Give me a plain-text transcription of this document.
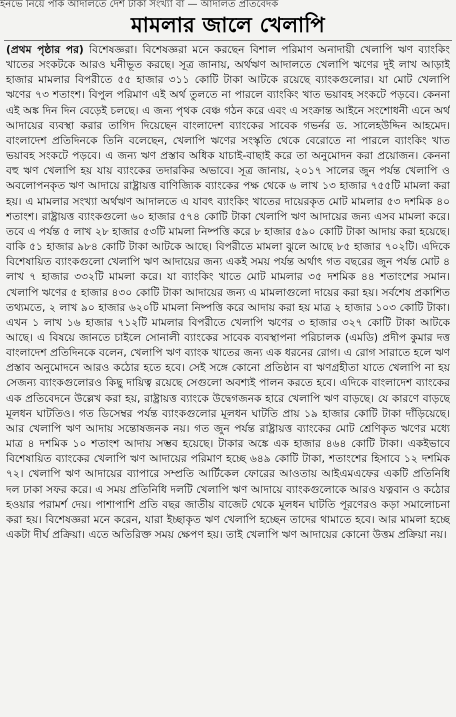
ইনভে নিয়ে পাক আদালতে দেশ টাকা সংখ্যা বা — আদালত প্রতিবেদক
মামলার জালে খেলাপি
(প্রথম পৃষ্ঠার পর) বিশেষজ্ঞরা। বিশেষজ্ঞরা মনে করছেন বিশাল পরিমাণ অনাদায়ী খেলাপি ঋণ ব্যাংকিং খাতের সংকটকে আরও ঘনীভূত করছে। সূত্র জানায়, অর্থঋণ আদালতে খেলাপি ঋণের দুই লাখ আড়াই হাজার মামলার বিপরীতে ৫৫ হাজার ৩১১ কোটি টাকা আটকে রয়েছে ব্যাংকগুলোর। যা মোট খেলাপি ঋণের ৭৩ শতাংশ। বিপুল পরিমাণ এই অর্থ তুলতে না পারলে ব্যাংকিং খাত ভয়াবহ সংকটে পড়বে। কেননা এই অঙ্ক দিন দিন বেড়েই চলছে। এ জন্য পৃথক বেঞ্চ গঠন করে এবং এ সংক্রান্ত আইনে সংশোধনী এনে অর্থ আদায়ের ব্যবস্থা করার তাগিদ দিয়েছেন বাংলাদেশ ব্যাংকের সাবেক গভর্নর ড. সালেহউদ্দিন আহমেদ। বাংলাদেশ প্রতিদিনকে তিনি বলেছেন, খেলাপি ঋণের সংস্কৃতি থেকে বেরোতে না পারলে ব্যাংকিং খাত ভয়াবহ সংকটে পড়বে। এ জন্য ঋণ প্রস্তাব অধিক যাচাই-বাছাই করে তা অনুমোদন করা প্রয়োজন। কেননা বহু ঋণ খেলাপি হয় যায় ব্যাংকের তদারকির অভাবে। সূত্র জানায়, ২০১৭ সালের জুন পর্যন্ত খেলাপি ও অবলোপনকৃত ঋণ আদায়ে রাষ্ট্রায়ত্ত বাণিজ্যিক ব্যাংকের পক্ষ থেকে ৬ লাখ ১৩ হাজার ৭৫৫টি মামলা করা হয়। এ মামলার সংখ্যা অর্থঋণ আদালতে এ যাবৎ ব্যাংকিং খাতের দায়েরকৃত মোট মামলার ৫৩ দশমিক ৪০ শতাংশ। রাষ্ট্রায়ত্ত ব্যাংকগুলো ৬০ হাজার ৫৭৪ কোটি টাকা খেলাপি ঋণ আদায়ের জন্য এসব মামলা করে। তবে এ পর্যন্ত ৫ লাখ ২৮ হাজার ৫৩টি মামলা নিষ্পত্তি করে ৮ হাজার ৫৯০ কোটি টাকা আদায় করা হয়েছে। বাকি ৫১ হাজার ৯৮৪ কোটি টাকা আটকে আছে। বিপরীতে মামলা ঝুলে আছে ৮৫ হাজার ৭০২টি। এদিকে বিশেষায়িত ব্যাংকগুলো খেলাপি ঋণ আদায়ের জন্য একই সময় পর্যন্ত অর্থাৎ গত বছরের জুন পর্যন্ত মোট ৪ লাখ ৭ হাজার ৩৩২টি মামলা করে। যা ব্যাংকিং খাতে মোট মামলার ৩৫ দশমিক ৪৪ শতাংশের সমান। খেলাপি ঋণের ৫ হাজার ৪৩০ কোটি টাকা আদায়ের জন্য এ মামলাগুলো দায়ের করা হয়। সর্বশেষ প্রকাশিত তথ্যমতে, ২ লাখ ৯০ হাজার ৬২০টি মামলা নিষ্পত্তি করে আদায় করা হয় মাত্র ২ হাজার ১০৩ কোটি টাকা। এখন ১ লাখ ১৬ হাজার ৭১২টি মামলার বিপরীতে খেলাপি ঋণের ৩ হাজার ৩২৭ কোটি টাকা আটকে আছে। এ বিষয়ে জানতে চাইলে সোনালী ব্যাংকের সাবেক ব্যবস্থাপনা পরিচালক (এমডি) প্রদীপ কুমার দত্ত বাংলাদেশ প্রতিদিনকে বলেন, খেলাপি ঋণ ব্যাংক খাতের জন্য এক ধরনের রোগ। এ রোগ সারাতে হলে ঋণ প্রস্তাব অনুমোদনে আরও কঠোর হতে হবে। সেই সঙ্গে কোনো প্রতিষ্ঠান বা ঋণগ্রহীতা যাতে খেলাপি না হয় সেজন্য ব্যাংকগুলোরও কিছু দায়িত্ব রয়েছে সেগুলো অবশ্যই পালন করতে হবে। এদিকে বাংলাদেশ ব্যাংকের এক প্রতিবেদনে উল্লেখ করা হয়, রাষ্ট্রায়ত্ত ব্যাংকে উদ্বেগজনক হারে খেলাপি ঋণ বাড়ছে। যে কারণে বাড়ছে মূলধন ঘাটতিও। গত ডিসেম্বর পর্যন্ত ব্যাংকগুলোর মূলধন ঘাটতি প্রায় ১৯ হাজার কোটি টাকা দাঁড়িয়েছে। আর খেলাপি ঋণ আদায় সন্তোষজনক নয়। গত জুন পর্যন্ত রাষ্ট্রায়ত্ত ব্যাংকের মোট শ্রেণিকৃত ঋণের মধ্যে মাত্র ৪ দশমিক ১০ শতাংশ আদায় সম্ভব হয়েছে। টাকার অঙ্কে এক হাজার ৪৬৪ কোটি টাকা। একইভাবে বিশেষায়িত ব্যাংকের খেলাপি ঋণ আদায়ের পরিমাণ হচ্ছে ৬৪৯ কোটি টাকা, শতাংশের হিসাবে ১২ দশমিক ৭২। খেলাপি ঋণ আদায়ের ব্যাপারে সম্প্রতি আর্টিকেল ফোরের আওতায় আইএমএফের একটি প্রতিনিধি দল ঢাকা সফর করে। এ সময় প্রতিনিধি দলটি খেলাপি ঋণ আদায়ে ব্যাংকগুলোকে আরও যত্নবান ও কঠোর হওয়ার পরামর্শ দেয়। পাশাপাশি প্রতি বছর জাতীয় বাজেট থেকে মূলধন ঘাটতি পূরণেরও কড়া সমালোচনা করা হয়। বিশেষজ্ঞরা মনে করেন, যারা ইচ্ছাকৃত ঋণ খেলাপি হচ্ছেন তাদের থামাতে হবে। আর মামলা হচ্ছে একটা দীর্ঘ প্রক্রিয়া। এতে অতিরিক্ত সময় ক্ষেপণ হয়। তাই খেলাপি ঋণ আদায়ের কোনো উত্তম প্রক্রিয়া নয়।
